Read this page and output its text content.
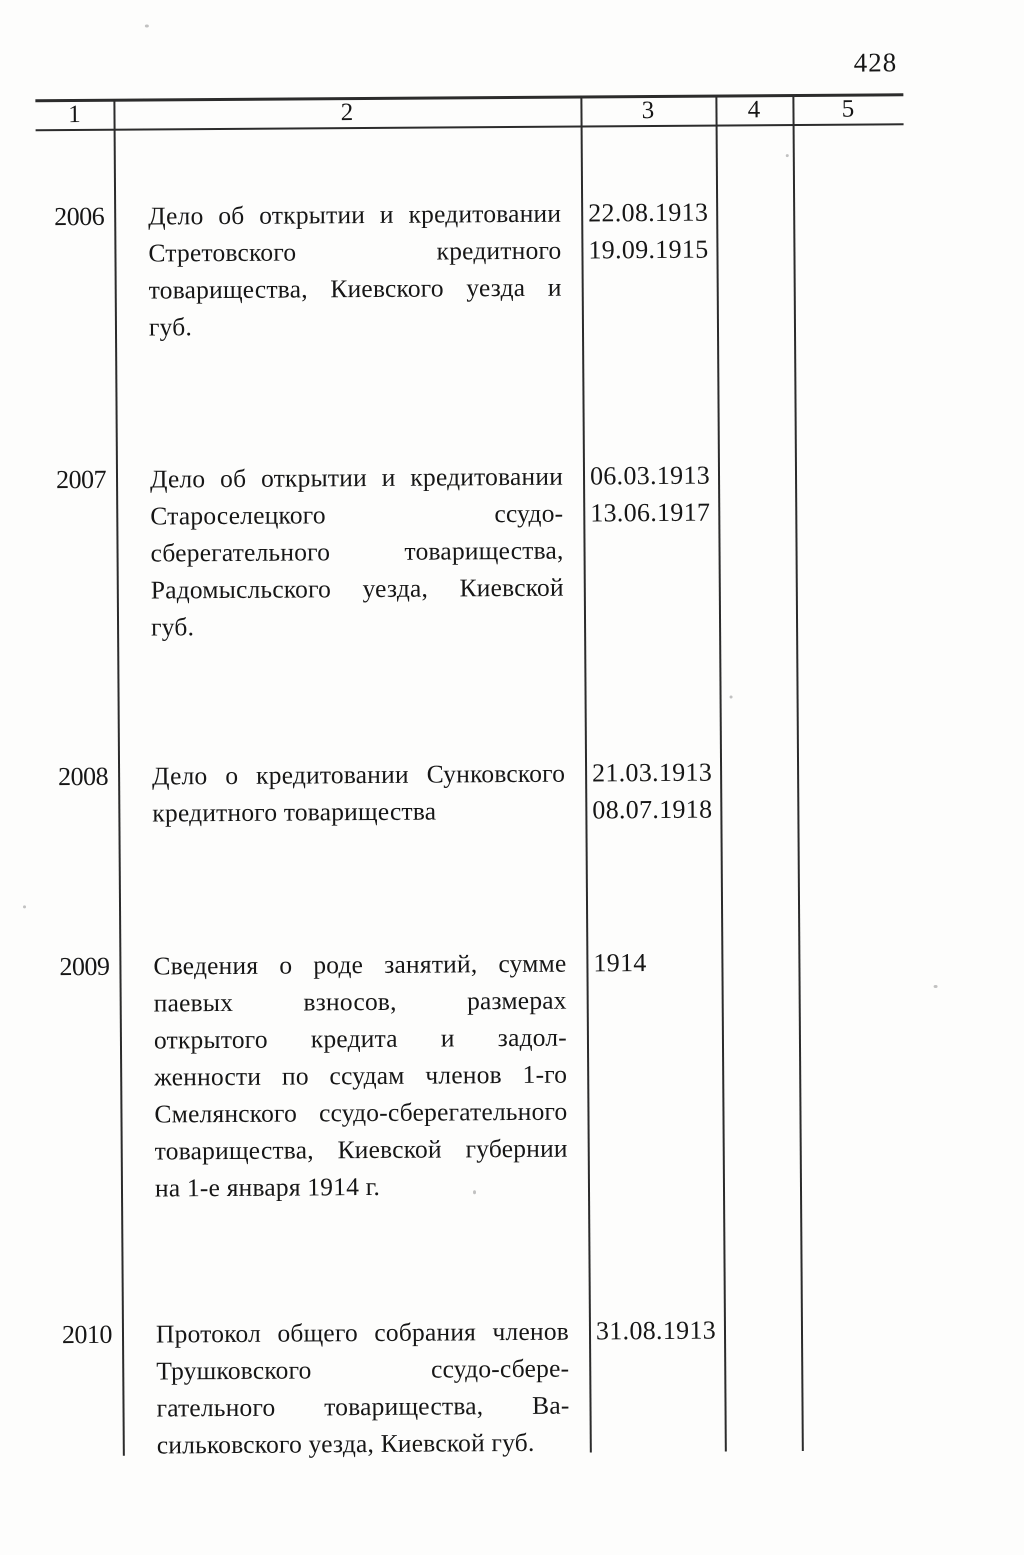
428
1	2	3	4	5
2006 Дело об открытии и кредитовании
Стретовского кредитного
товарищества, Киевского уезда и
губ.
22.08.1913
19.09.1915
2007 Дело об открытии и кредитовании
Староселецкого ссудо-
сберегательного товарищества,
Радомысльского уезда, Киевской
губ.
06.03.1913
13.06.1917
2008 Дело о кредитовании Сунковского
кредитного товарищества
21.03.1913
08.07.1918
2009 Сведения о роде занятий, сумме
паевых взносов, размерах
открытого кредита и задол-
женности по ссудам членов 1-го
Смелянского ссудо-сберегательного
товарищества, Киевской губернии
на 1-е января 1914 г.
1914
2010 Протокол общего собрания членов
Трушковского ссудо-сбере-
гательного товарищества, Ва-
сильковского уезда, Киевской губ.
31.08.1913
